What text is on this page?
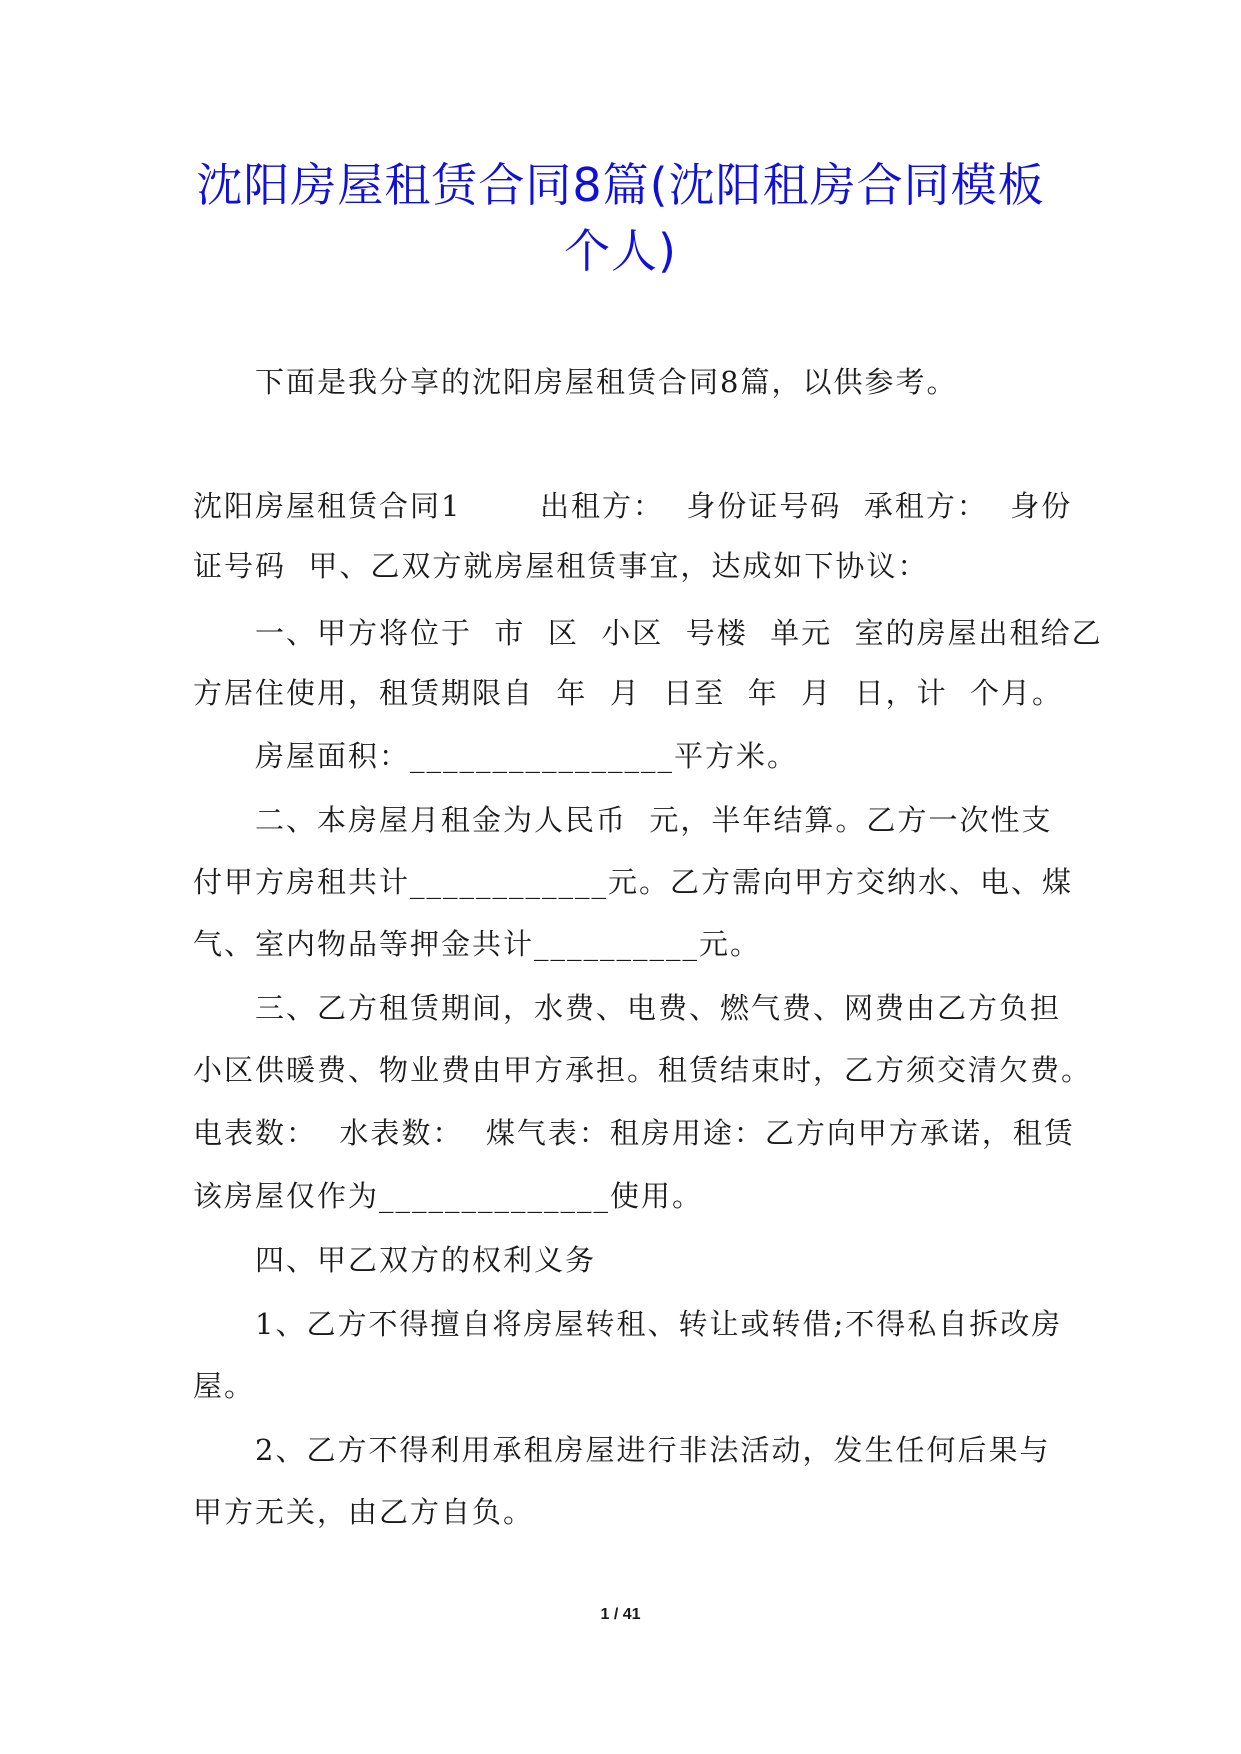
沈阳房屋租赁合同8篇(沈阳租房合同模板
个人)
下面是我分享的沈阳房屋租赁合同8篇，以供参考。
沈阳房屋租赁合同1       出租方：  身份证号码  承租方：  身份
证号码  甲、乙双方就房屋租赁事宜，达成如下协议：
一、甲方将位于  市  区  小区  号楼  单元  室的房屋出租给乙
方居住使用，租赁期限自  年  月  日至  年  月  日，计  个月。
房屋面积：________________平方米。
二、本房屋月租金为人民币  元，半年结算。乙方一次性支
付甲方房租共计____________元。乙方需向甲方交纳水、电、煤
气、室内物品等押金共计__________元。
三、乙方租赁期间，水费、电费、燃气费、网费由乙方负担
小区供暖费、物业费由甲方承担。租赁结束时，乙方须交清欠费。
电表数：  水表数：  煤气表：租房用途：乙方向甲方承诺，租赁
该房屋仅作为______________使用。
四、甲乙双方的权利义务
1、乙方不得擅自将房屋转租、转让或转借;不得私自拆改房
屋。
2、乙方不得利用承租房屋进行非法活动，发生任何后果与
甲方无关，由乙方自负。
1 / 41
